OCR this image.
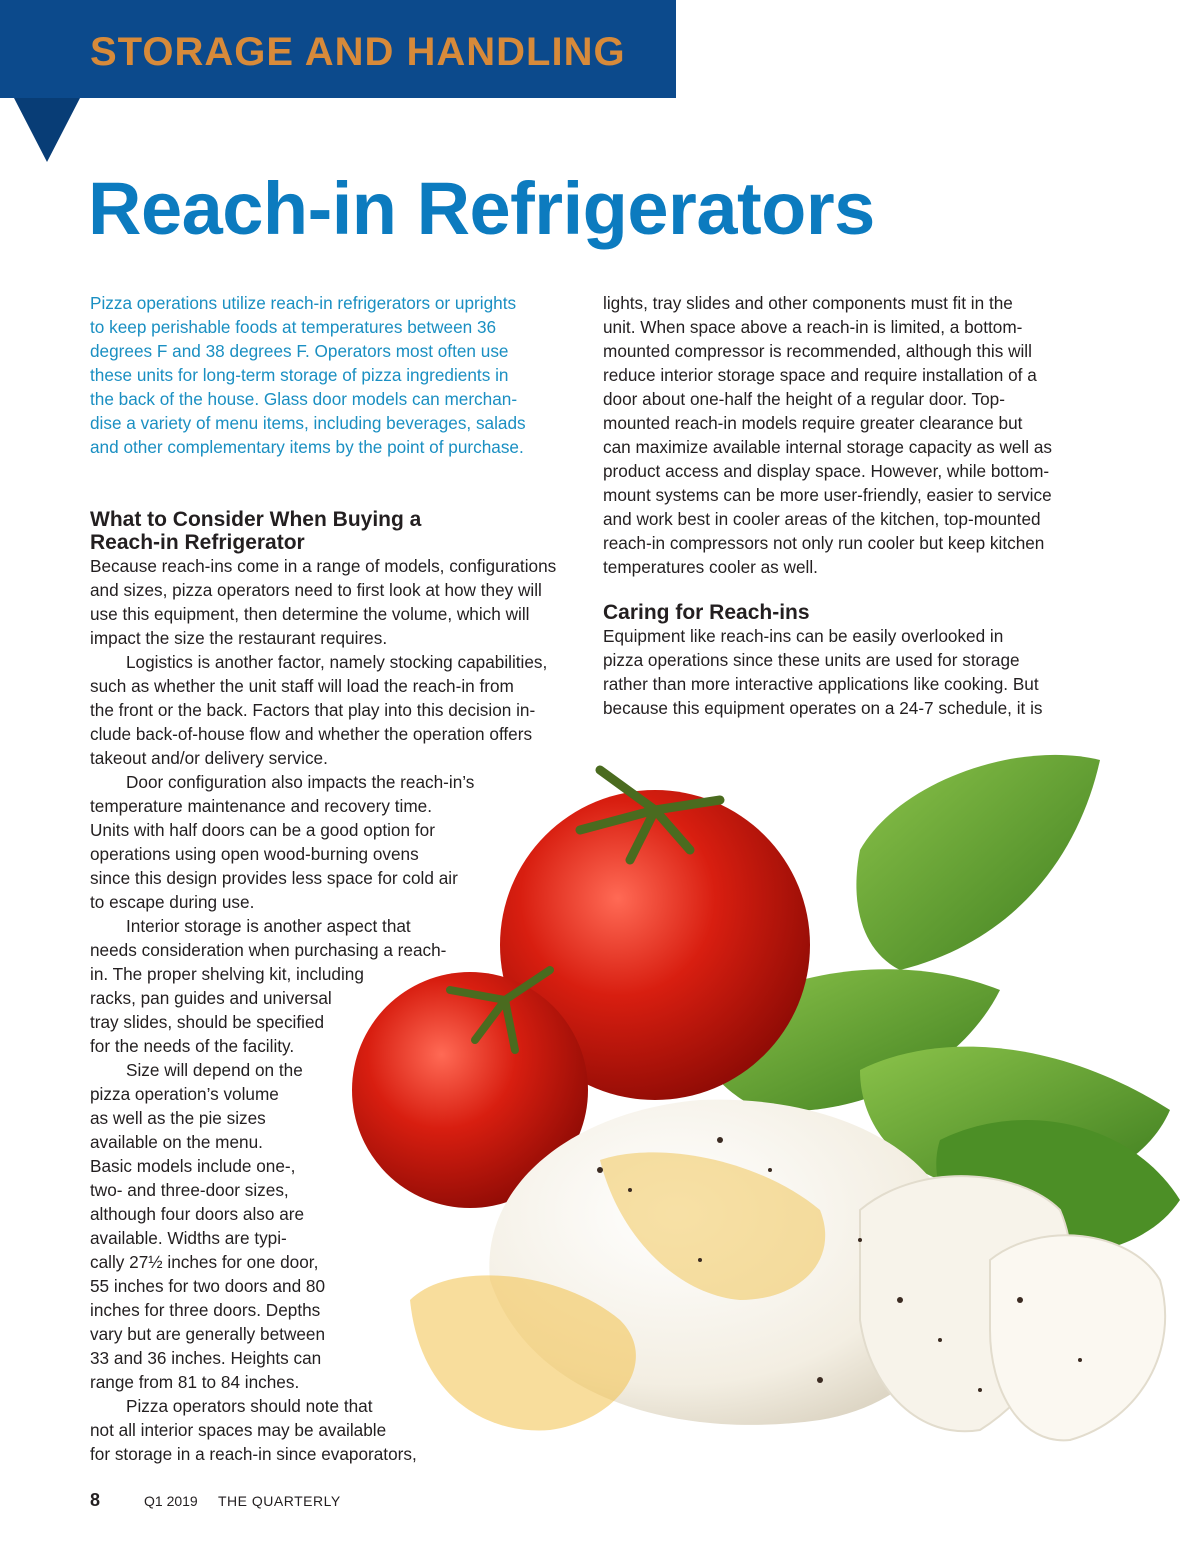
STORAGE AND HANDLING
Reach-in Refrigerators

Pizza operations utilize reach-in refrigerators or uprights
to keep perishable foods at temperatures between 36
degrees F and 38 degrees F. Operators most often use
these units for long-term storage of pizza ingredients in
the back of the house. Glass door models can merchan-
dise a variety of menu items, including beverages, salads
and other complementary items by the point of purchase.

What to Consider When Buying a
Reach-in Refrigerator

Because reach-ins come in a range of models, configurations
and sizes, pizza operators need to first look at how they will
use this equipment, then determine the volume, which will
impact the size the restaurant requires.

Logistics is another factor, namely stocking capabilities,
such as whether the unit staff will load the reach-in from
the front or the back. Factors that play into this decision in-
clude back-of-house flow and whether the operation offers
takeout and/or delivery service.

Door configuration also impacts the reach-in’s
temperature maintenance and recovery time.
Units with half doors can be a good option for
operations using open wood-burning ovens
since this design provides less space for cold air
to escape during use.

Interior storage is another aspect that
needs consideration when purchasing a reach-
in. The proper shelving kit, including
racks, pan guides and universal
tray slides, should be specified
for the needs of the facility.

Size will depend on the
pizza operation’s volume
as well as the pie sizes
available on the menu.
Basic models include one-,
two- and three-door sizes,
although four doors also are
available. Widths are typi-
cally 27½ inches for one door,
55 inches for two doors and 80
inches for three doors. Depths
vary but are generally between
33 and 36 inches. Heights can
range from 81 to 84 inches.

Pizza operators should note that
not all interior spaces may be available
for storage in a reach-in since evaporators,

lights, tray slides and other components must fit in the
unit. When space above a reach-in is limited, a bottom-
mounted compressor is recommended, although this will
reduce interior storage space and require installation of a
door about one-half the height of a regular door. Top-
mounted reach-in models require greater clearance but
can maximize available internal storage capacity as well as
product access and display space. However, while bottom-
mount systems can be more user-friendly, easier to service
and work best in cooler areas of the kitchen, top-mounted
reach-in compressors not only run cooler but keep kitchen
temperatures cooler as well.

Caring for Reach-ins

Equipment like reach-ins can be easily overlooked in
pizza operations since these units are used for storage
rather than more interactive applications like cooking. But
because this equipment operates on a 24-7 schedule, it is

8	Q1 2019 THE QUARTERLY
